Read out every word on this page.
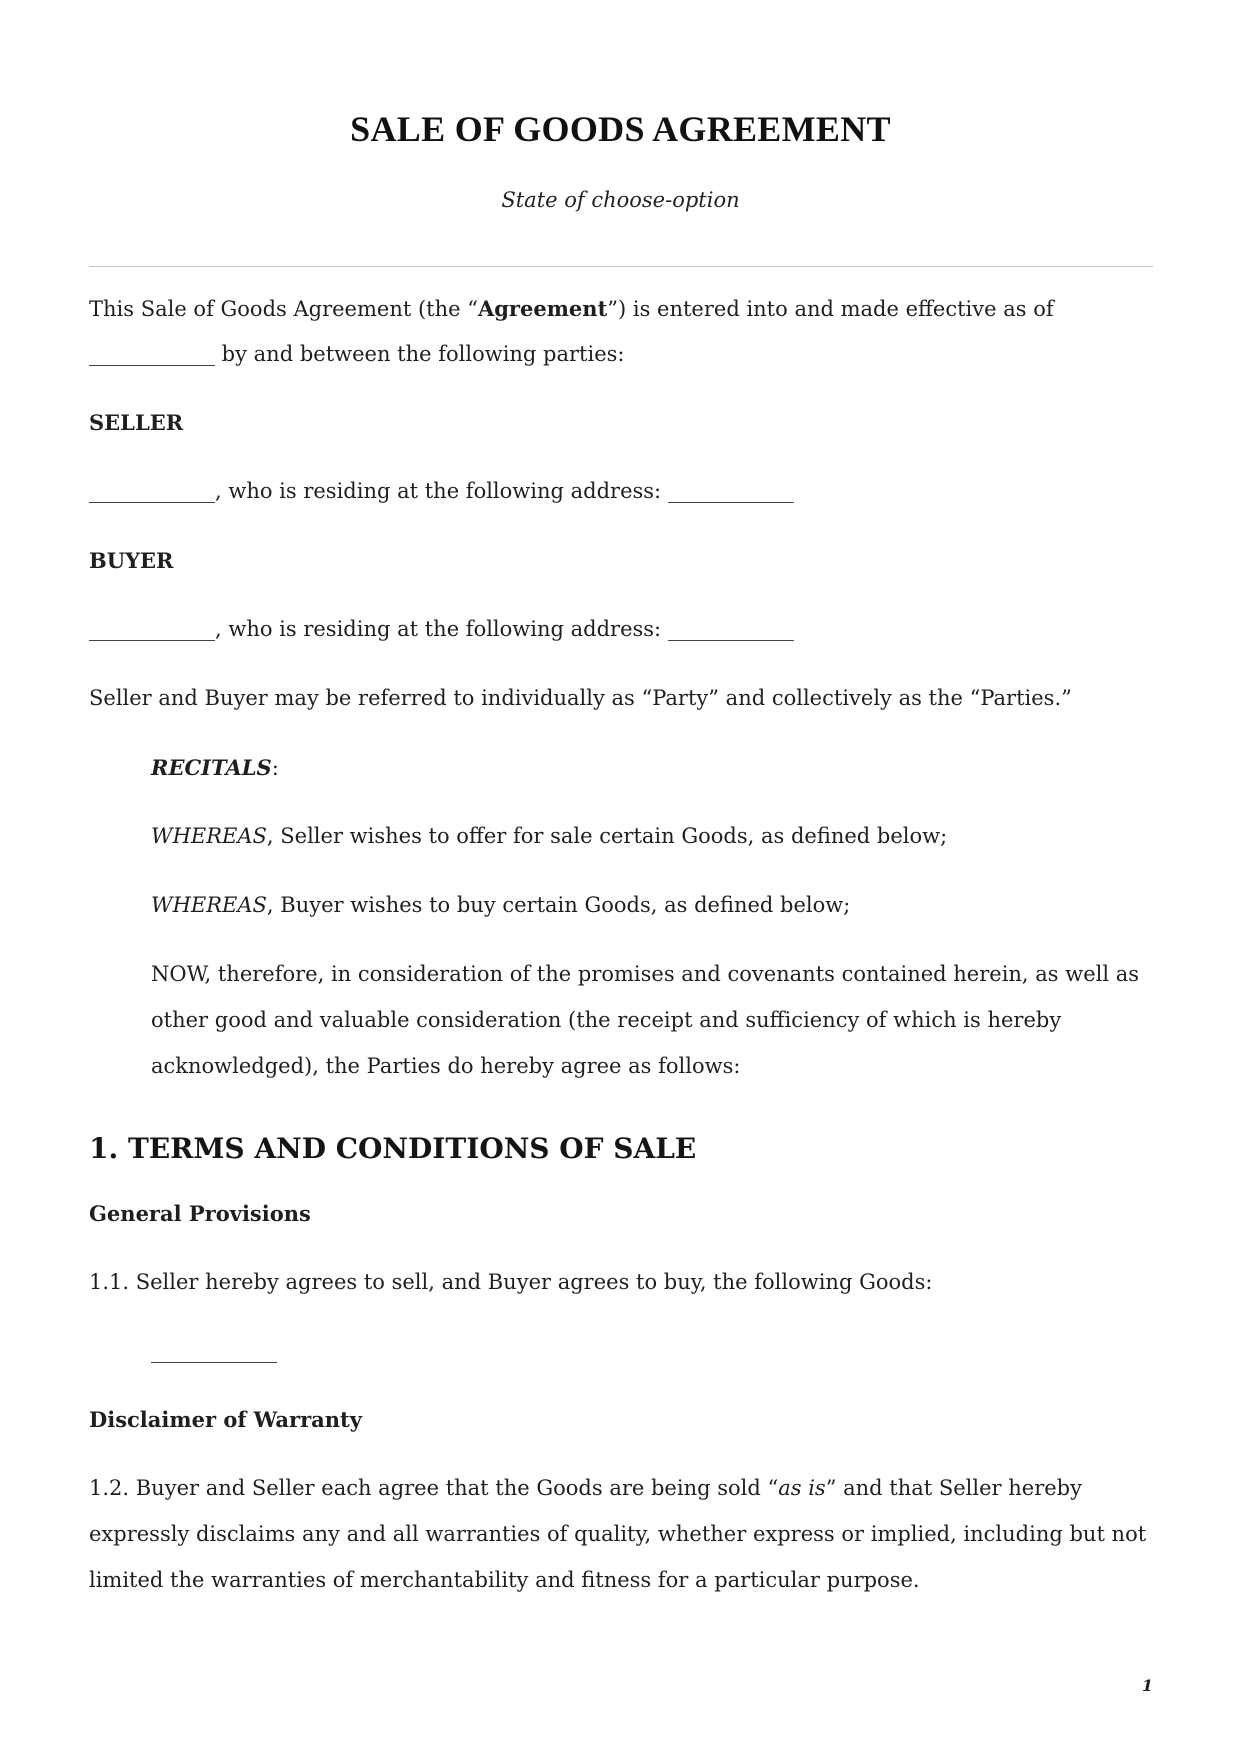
SALE OF GOODS AGREEMENT
State of choose-option
This Sale of Goods Agreement (the “Agreement”) is entered into and made effective as of
____________ by and between the following parties:
SELLER
____________, who is residing at the following address: ____________
BUYER
____________, who is residing at the following address: ____________
Seller and Buyer may be referred to individually as “Party” and collectively as the “Parties.”
RECITALS:
WHEREAS, Seller wishes to offer for sale certain Goods, as defined below;
WHEREAS, Buyer wishes to buy certain Goods, as defined below;
NOW, therefore, in consideration of the promises and covenants contained herein, as well as
other good and valuable consideration (the receipt and sufficiency of which is hereby
acknowledged), the Parties do hereby agree as follows:
1. TERMS AND CONDITIONS OF SALE
General Provisions
1.1. Seller hereby agrees to sell, and Buyer agrees to buy, the following Goods:
____________
Disclaimer of Warranty
1.2. Buyer and Seller each agree that the Goods are being sold “as is” and that Seller hereby
expressly disclaims any and all warranties of quality, whether express or implied, including but not
limited the warranties of merchantability and fitness for a particular purpose.
1
